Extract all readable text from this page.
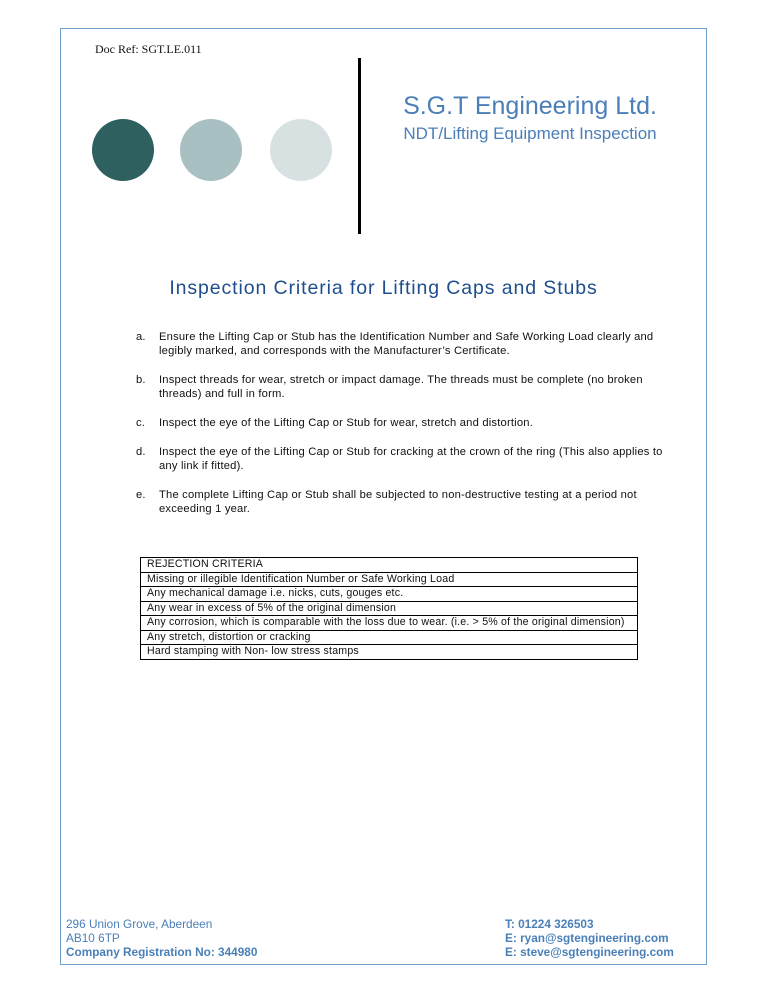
Doc Ref: SGT.LE.011
S.G.T Engineering Ltd.
NDT/Lifting Equipment Inspection
Inspection Criteria for Lifting Caps and Stubs
a. Ensure the Lifting Cap or Stub has the Identification Number and Safe Working Load clearly and legibly marked, and corresponds with the Manufacturer’s Certificate.
b. Inspect threads for wear, stretch or impact damage. The threads must be complete (no broken threads) and full in form.
c. Inspect the eye of the Lifting Cap or Stub for wear, stretch and distortion.
d. Inspect the eye of the Lifting Cap or Stub for cracking at the crown of the ring (This also applies to any link if fitted).
e. The complete Lifting Cap or Stub shall be subjected to non-destructive testing at a period not exceeding 1 year.
REJECTION CRITERIA
Missing or illegible Identification Number or Safe Working Load
Any mechanical damage i.e. nicks, cuts, gouges etc.
Any wear in excess of 5% of the original dimension
Any corrosion, which is comparable with the loss due to wear. (i.e. > 5% of the original dimension)
Any stretch, distortion or cracking
Hard stamping with Non- low stress stamps
296 Union Grove, Aberdeen
AB10 6TP
Company Registration No: 344980
T: 01224 326503
E: ryan@sgtengineering.com
E: steve@sgtengineering.com
